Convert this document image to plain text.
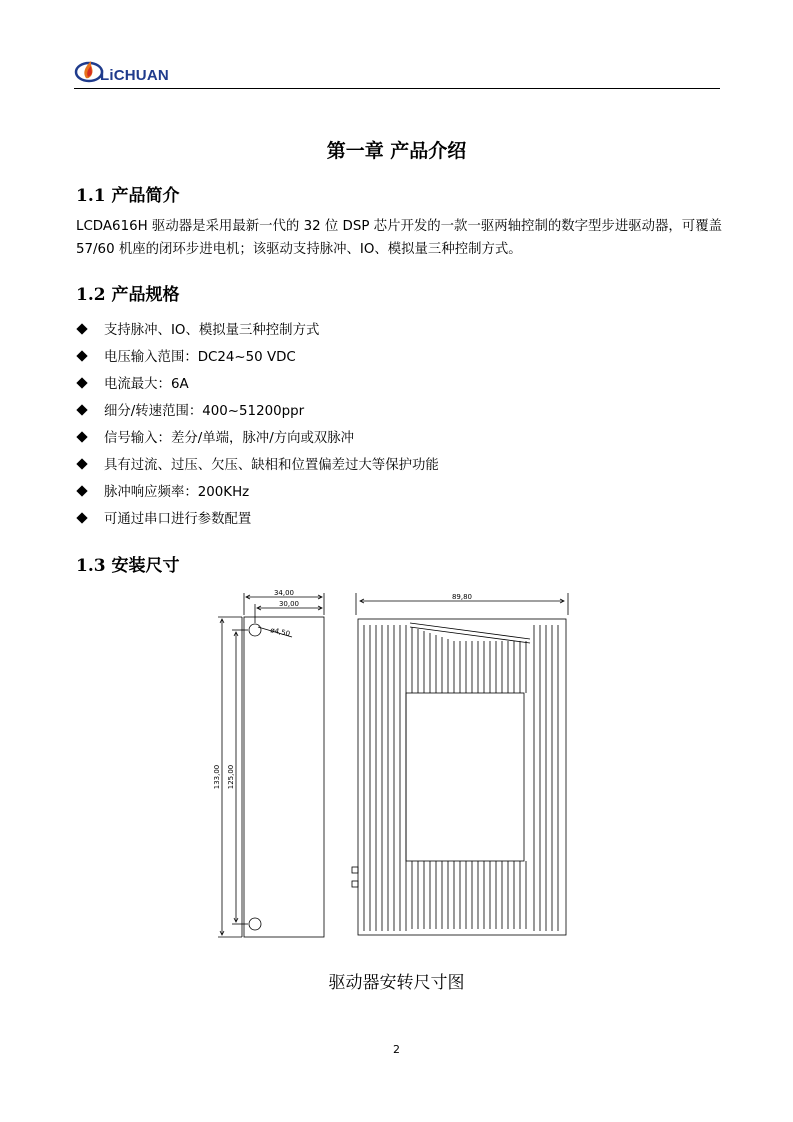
LiCHUAN
第一章 产品介绍
1.1 产品简介
LCDA616H 驱动器是采用最新一代的 32 位 DSP 芯片开发的一款一驱两轴控制的数字型步进驱动器，可覆盖 57/60 机座的闭环步进电机；该驱动支持脉冲、IO、模拟量三种控制方式。
1.2 产品规格
支持脉冲、IO、模拟量三种控制方式
电压输入范围：DC24~50 VDC
电流最大：6A
细分/转速范围：400~51200ppr
信号输入：差分/单端，脉冲/方向或双脉冲
具有过流、过压、欠压、缺相和位置偏差过大等保护功能
脉冲响应频率：200KHz
可通过串口进行参数配置
1.3 安装尺寸
34,00
30,00
ø4,50
133,00 125,00
89,80
驱动器安转尺寸图
2
